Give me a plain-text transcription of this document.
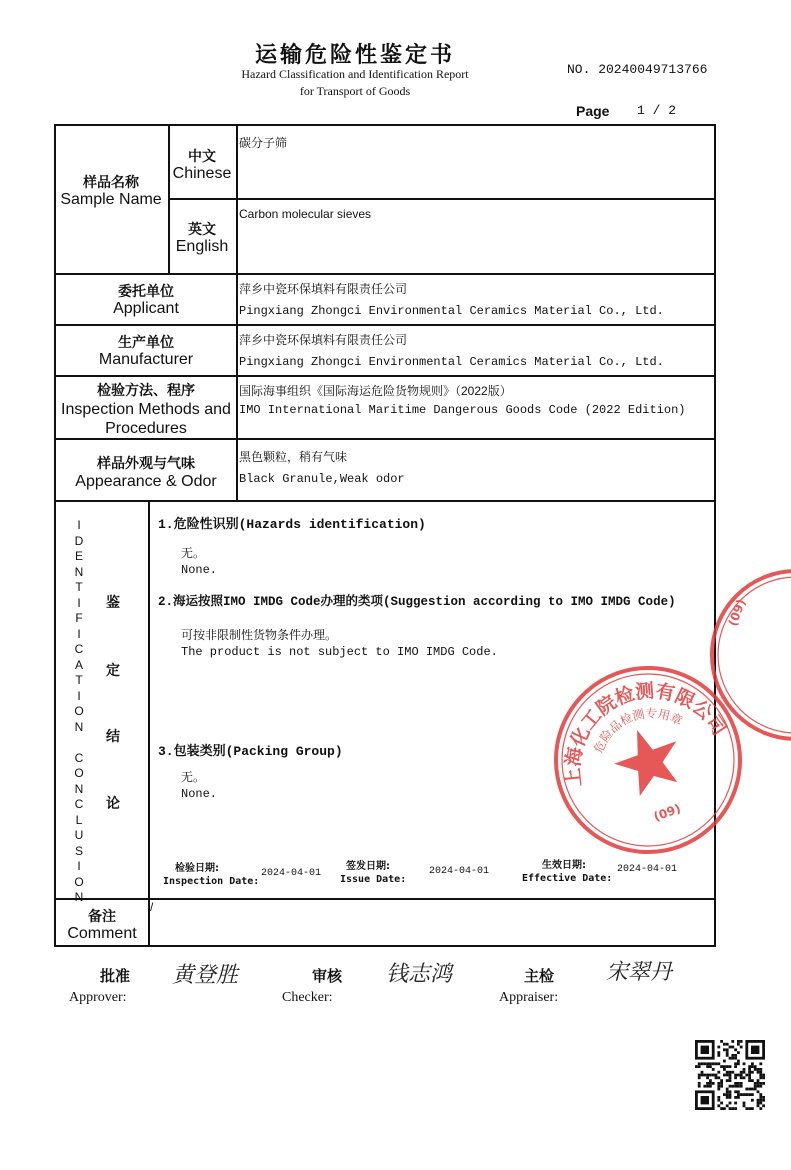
运输危险性鉴定书
Hazard Classification and Identification Report
for Transport of Goods
NO. 20240049713766
Page 1 / 2
样品名称
Sample Name
中文
Chinese
碳分子筛
英文
English
Carbon molecular sieves
委托单位
Applicant
萍乡中瓷环保填料有限责任公司
Pingxiang Zhongci Environmental Ceramics Material Co., Ltd.
生产单位
Manufacturer
萍乡中瓷环保填料有限责任公司
Pingxiang Zhongci Environmental Ceramics Material Co., Ltd.
检验方法、程序
Inspection Methods and
Procedures
国际海事组织《国际海运危险货物规则》（2022版）
IMO International Maritime Dangerous Goods Code (2022 Edition)
样品外观与气味
Appearance & Odor
黑色颗粒，稍有气味
Black Granule,Weak odor
I
D
E
N
T
I
F
I
C
A
T
I
O
N

C
O
N
C
L
U
S
I
O
N
鉴
定
结
论
1.危险性识别(Hazards identification)
无。
None.
2.海运按照IMO IMDG Code办理的类项(Suggestion according to IMO IMDG Code)
可按非限制性货物条件办理。
The product is not subject to IMO IMDG Code.
3.包装类别(Packing Group)
无。
None.
检验日期:
Inspection Date:
2024-04-01
签发日期:
Issue Date:
2024-04-01
生效日期:
Effective Date:
2024-04-01
备注
Comment
/
批准
Approver:
黄登胜	审核
Checker:
钱志鸿	主检
Appraiser:
宋翠丹
上海化工院检测有限公司
危险品检测专用章
(09)
(09)
